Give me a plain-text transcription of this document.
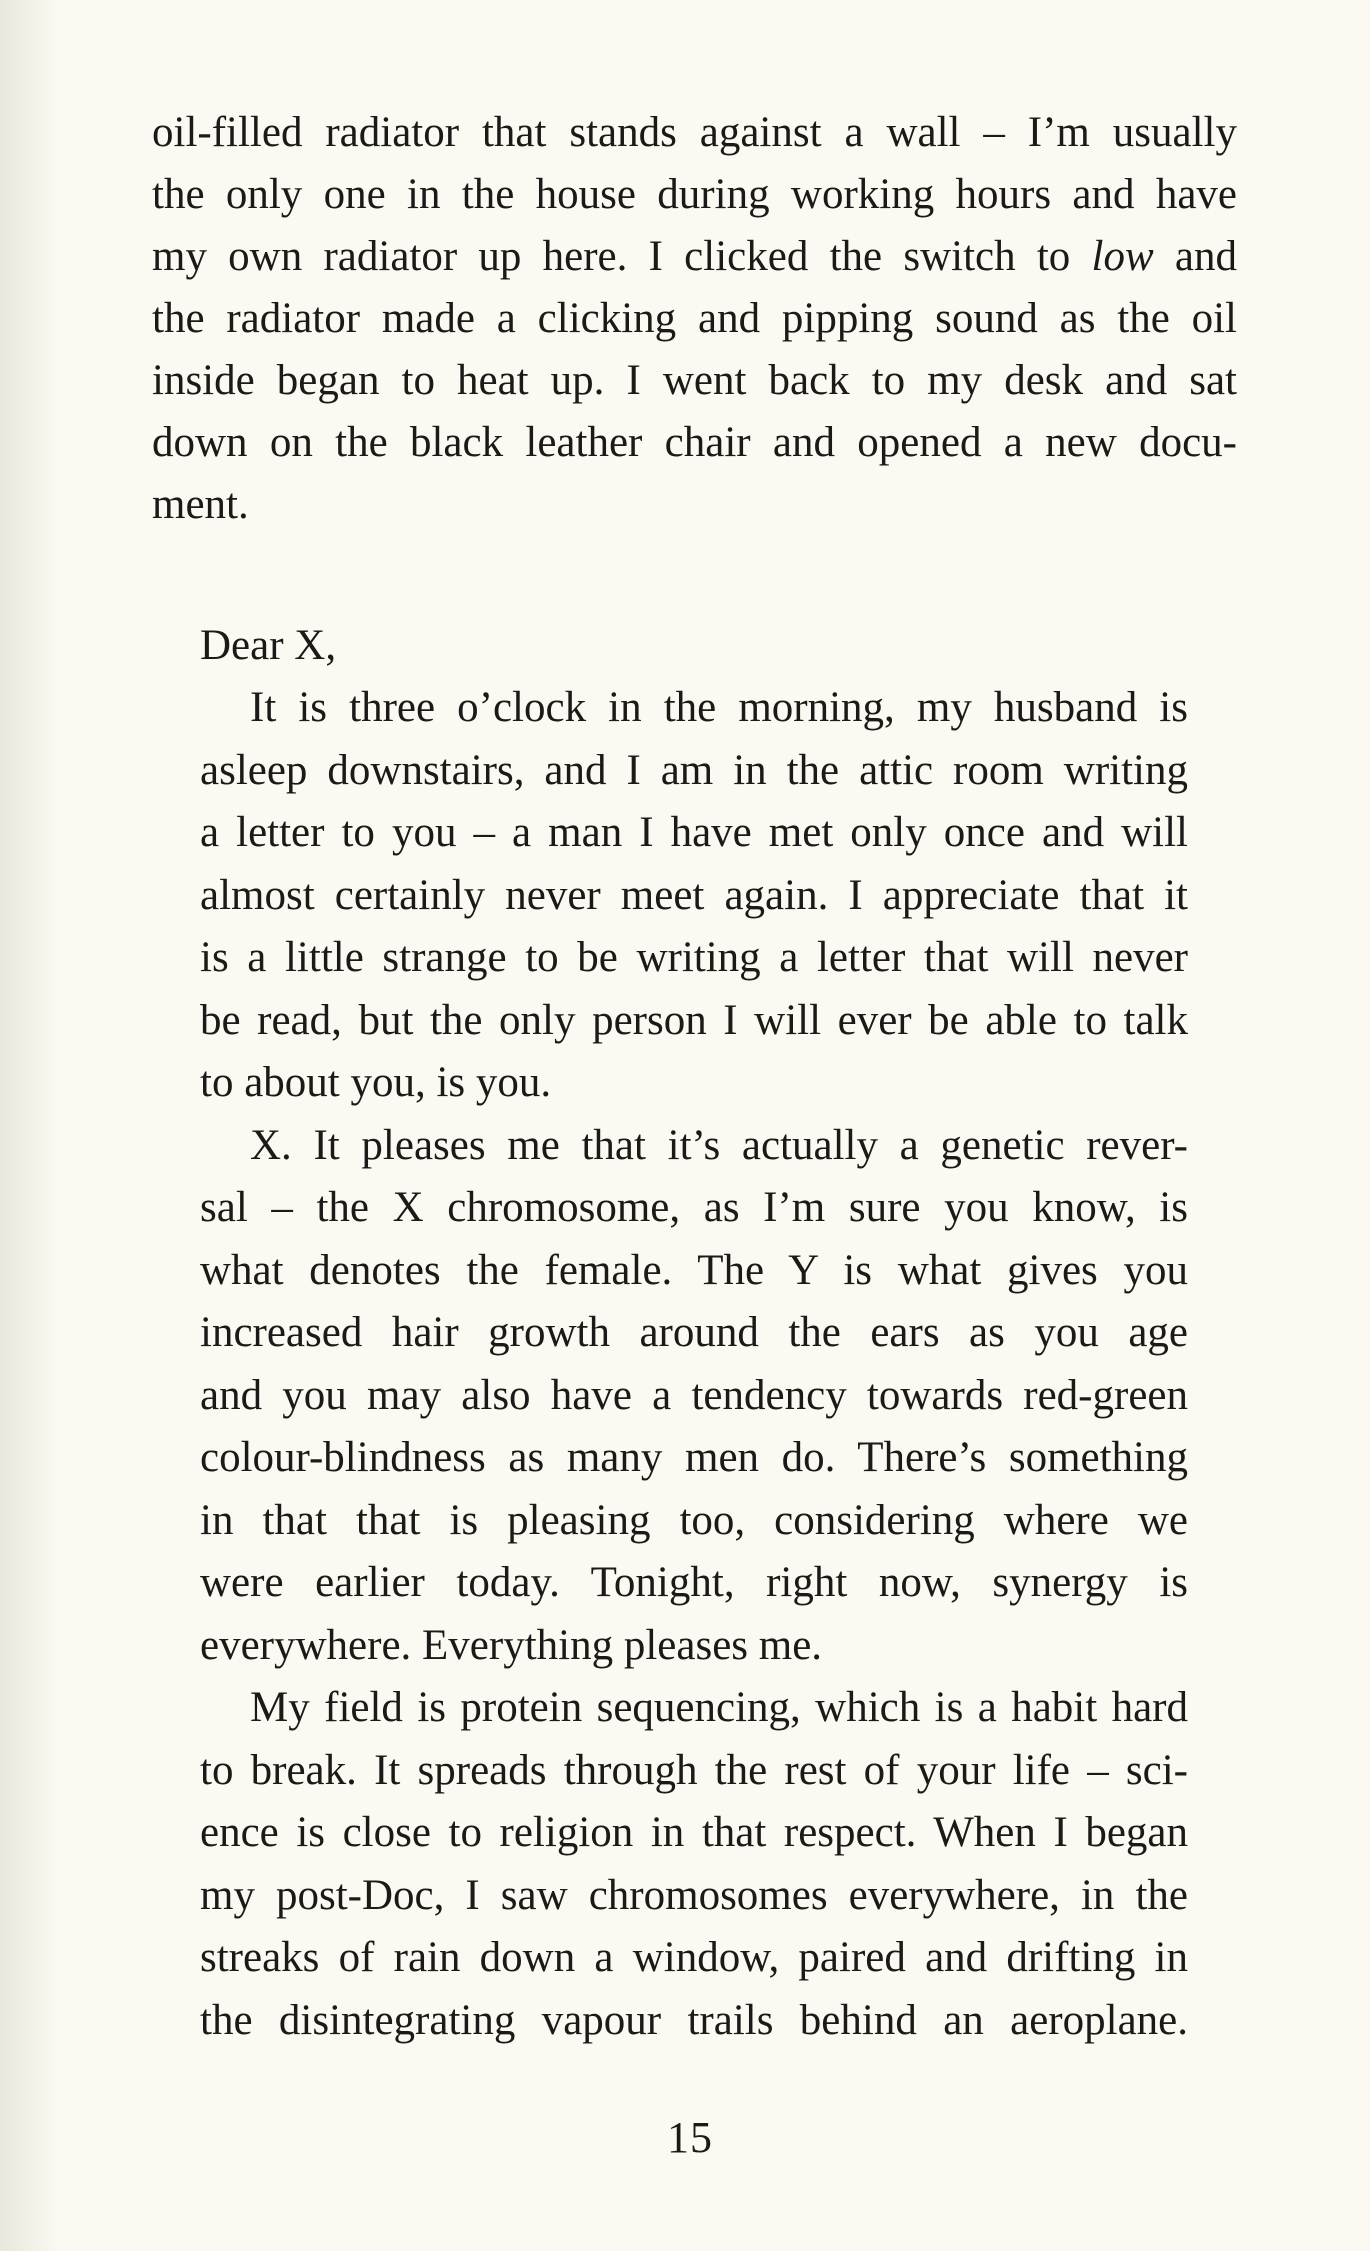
oil-filled radiator that stands against a wall – I’m usually
the only one in the house during working hours and have
my own radiator up here. I clicked the switch to low and
the radiator made a clicking and pipping sound as the oil
inside began to heat up. I went back to my desk and sat
down on the black leather chair and opened a new docu-
ment.
Dear X,
It is three o’clock in the morning, my husband is
asleep downstairs, and I am in the attic room writing
a letter to you – a man I have met only once and will
almost certainly never meet again. I appreciate that it
is a little strange to be writing a letter that will never
be read, but the only person I will ever be able to talk
to about you, is you.
X. It pleases me that it’s actually a genetic rever-
sal – the X chromosome, as I’m sure you know, is
what denotes the female. The Y is what gives you
increased hair growth around the ears as you age
and you may also have a tendency towards red-green
colour-blindness as many men do. There’s something
in that that is pleasing too, considering where we
were earlier today. Tonight, right now, synergy is
everywhere. Everything pleases me.
My field is protein sequencing, which is a habit hard
to break. It spreads through the rest of your life – sci-
ence is close to religion in that respect. When I began
my post-Doc, I saw chromosomes everywhere, in the
streaks of rain down a window, paired and drifting in
the disintegrating vapour trails behind an aeroplane.
15
